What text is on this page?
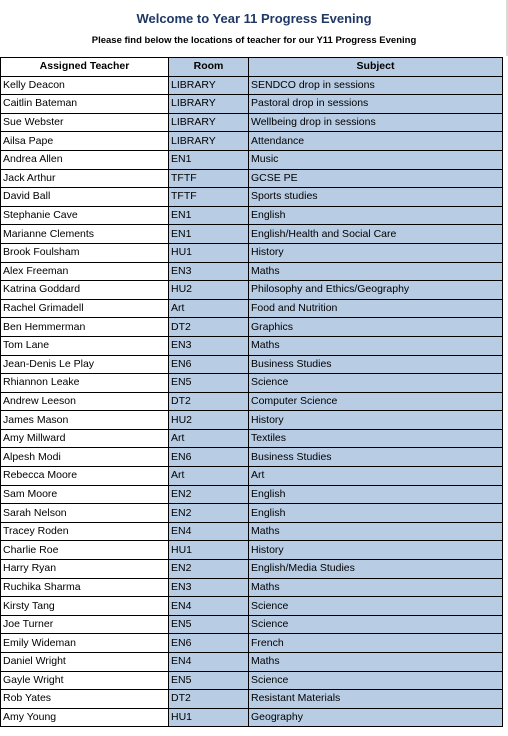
Welcome to Year 11 Progress Evening
Please find below the locations of teacher for our Y11 Progress Evening
Assigned Teacher	Room	Subject
Kelly Deacon	LIBRARY	SENDCO drop in sessions
Caitlin Bateman	LIBRARY	Pastoral drop in sessions
Sue Webster	LIBRARY	Wellbeing drop in sessions
Ailsa Pape	LIBRARY	Attendance
Andrea Allen	EN1	Music
Jack Arthur	TFTF	GCSE PE
David Ball	TFTF	Sports studies
Stephanie Cave	EN1	English
Marianne Clements	EN1	English/Health and Social Care
Brook Foulsham	HU1	History
Alex Freeman	EN3	Maths
Katrina Goddard	HU2	Philosophy and Ethics/Geography
Rachel Grimadell	Art	Food and Nutrition
Ben Hemmerman	DT2	Graphics
Tom Lane	EN3	Maths
Jean-Denis Le Play	EN6	Business Studies
Rhiannon Leake	EN5	Science
Andrew Leeson	DT2	Computer Science
James Mason	HU2	History
Amy Millward	Art	Textiles
Alpesh Modi	EN6	Business Studies
Rebecca Moore	Art	Art
Sam Moore	EN2	English
Sarah Nelson	EN2	English
Tracey Roden	EN4	Maths
Charlie Roe	HU1	History
Harry Ryan	EN2	English/Media Studies
Ruchika Sharma	EN3	Maths
Kirsty Tang	EN4	Science
Joe Turner	EN5	Science
Emily Wideman	EN6	French
Daniel Wright	EN4	Maths
Gayle Wright	EN5	Science
Rob Yates	DT2	Resistant Materials
Amy Young	HU1	Geography
